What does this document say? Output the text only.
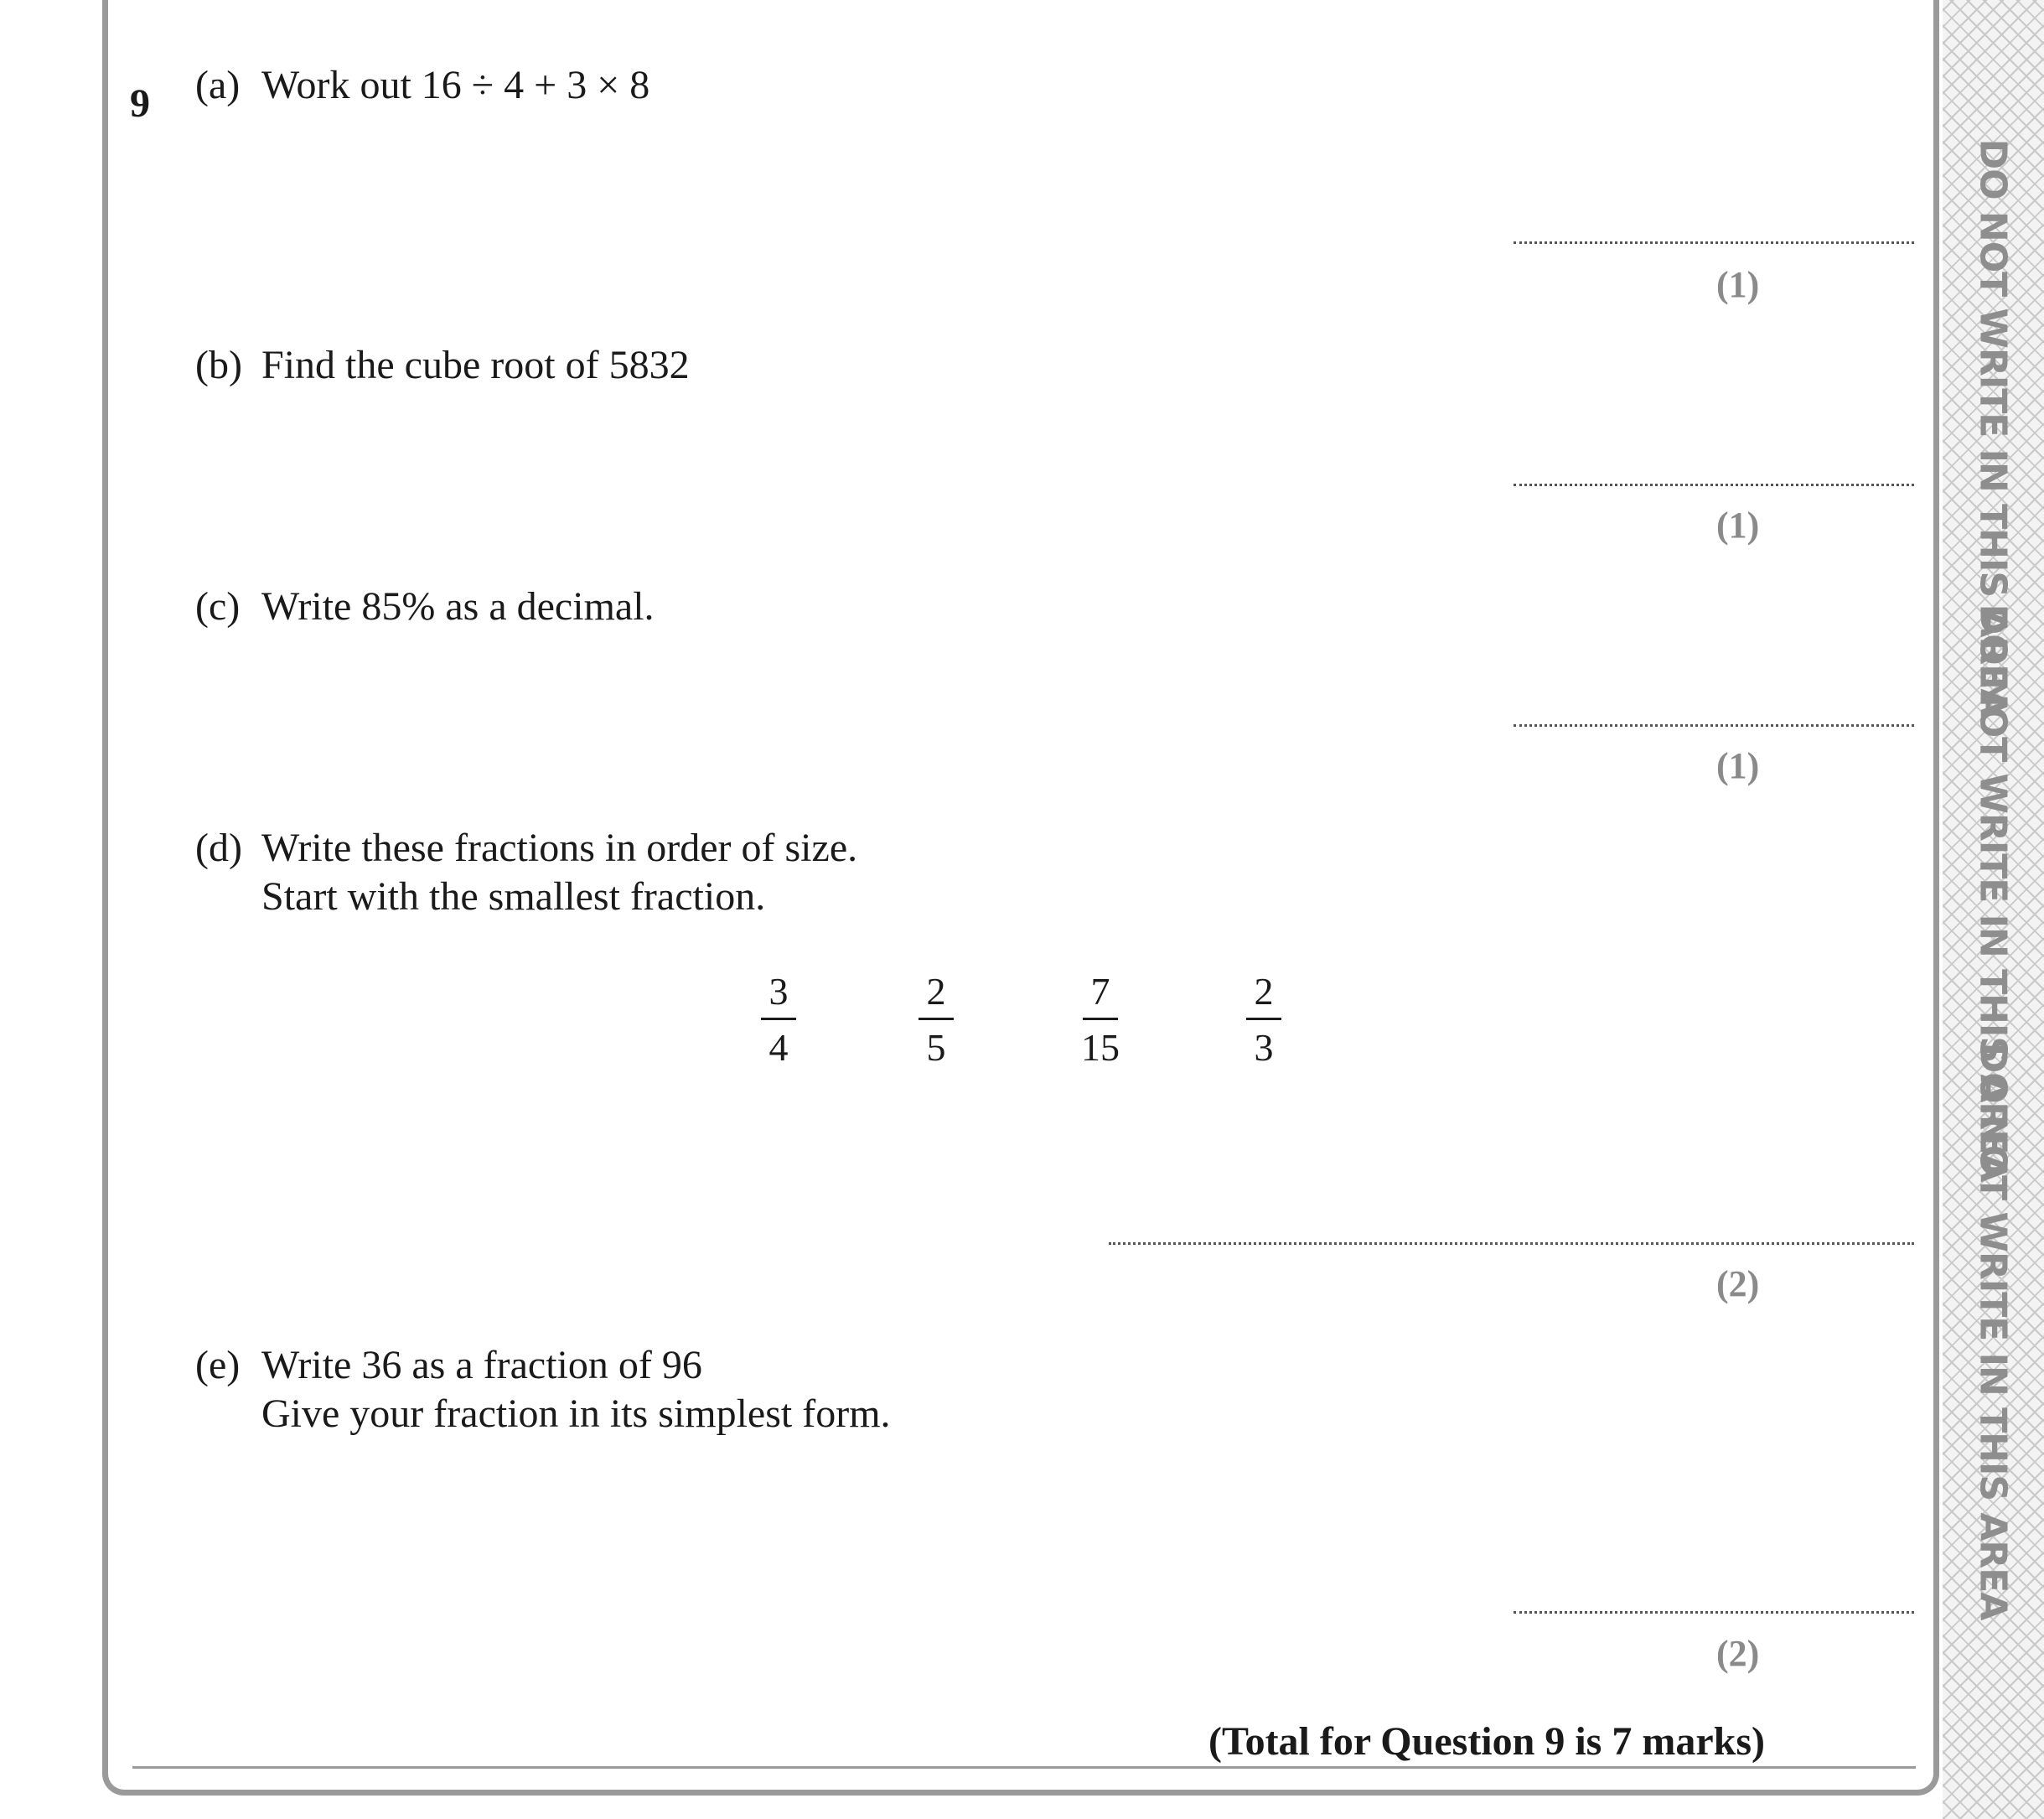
DO NOT WRITE IN THIS AREA
DO NOT WRITE IN THIS AREA
DO NOT WRITE IN THIS AREA
9 (a) Work out 16 ÷ 4 + 3 × 8
(1)
(b) Find the cube root of 5832
(1)
(c) Write 85% as a decimal.
(1)
(d) Write these fractions in order of size.
Start with the smallest fraction.
$\frac{3}{4}$	$\frac{2}{5}$	$\frac{7}{15}$	$\frac{2}{3}$
(2)
(e) Write 36 as a fraction of 96
Give your fraction in its simplest form.
(2)
(Total for Question 9 is 7 marks)
